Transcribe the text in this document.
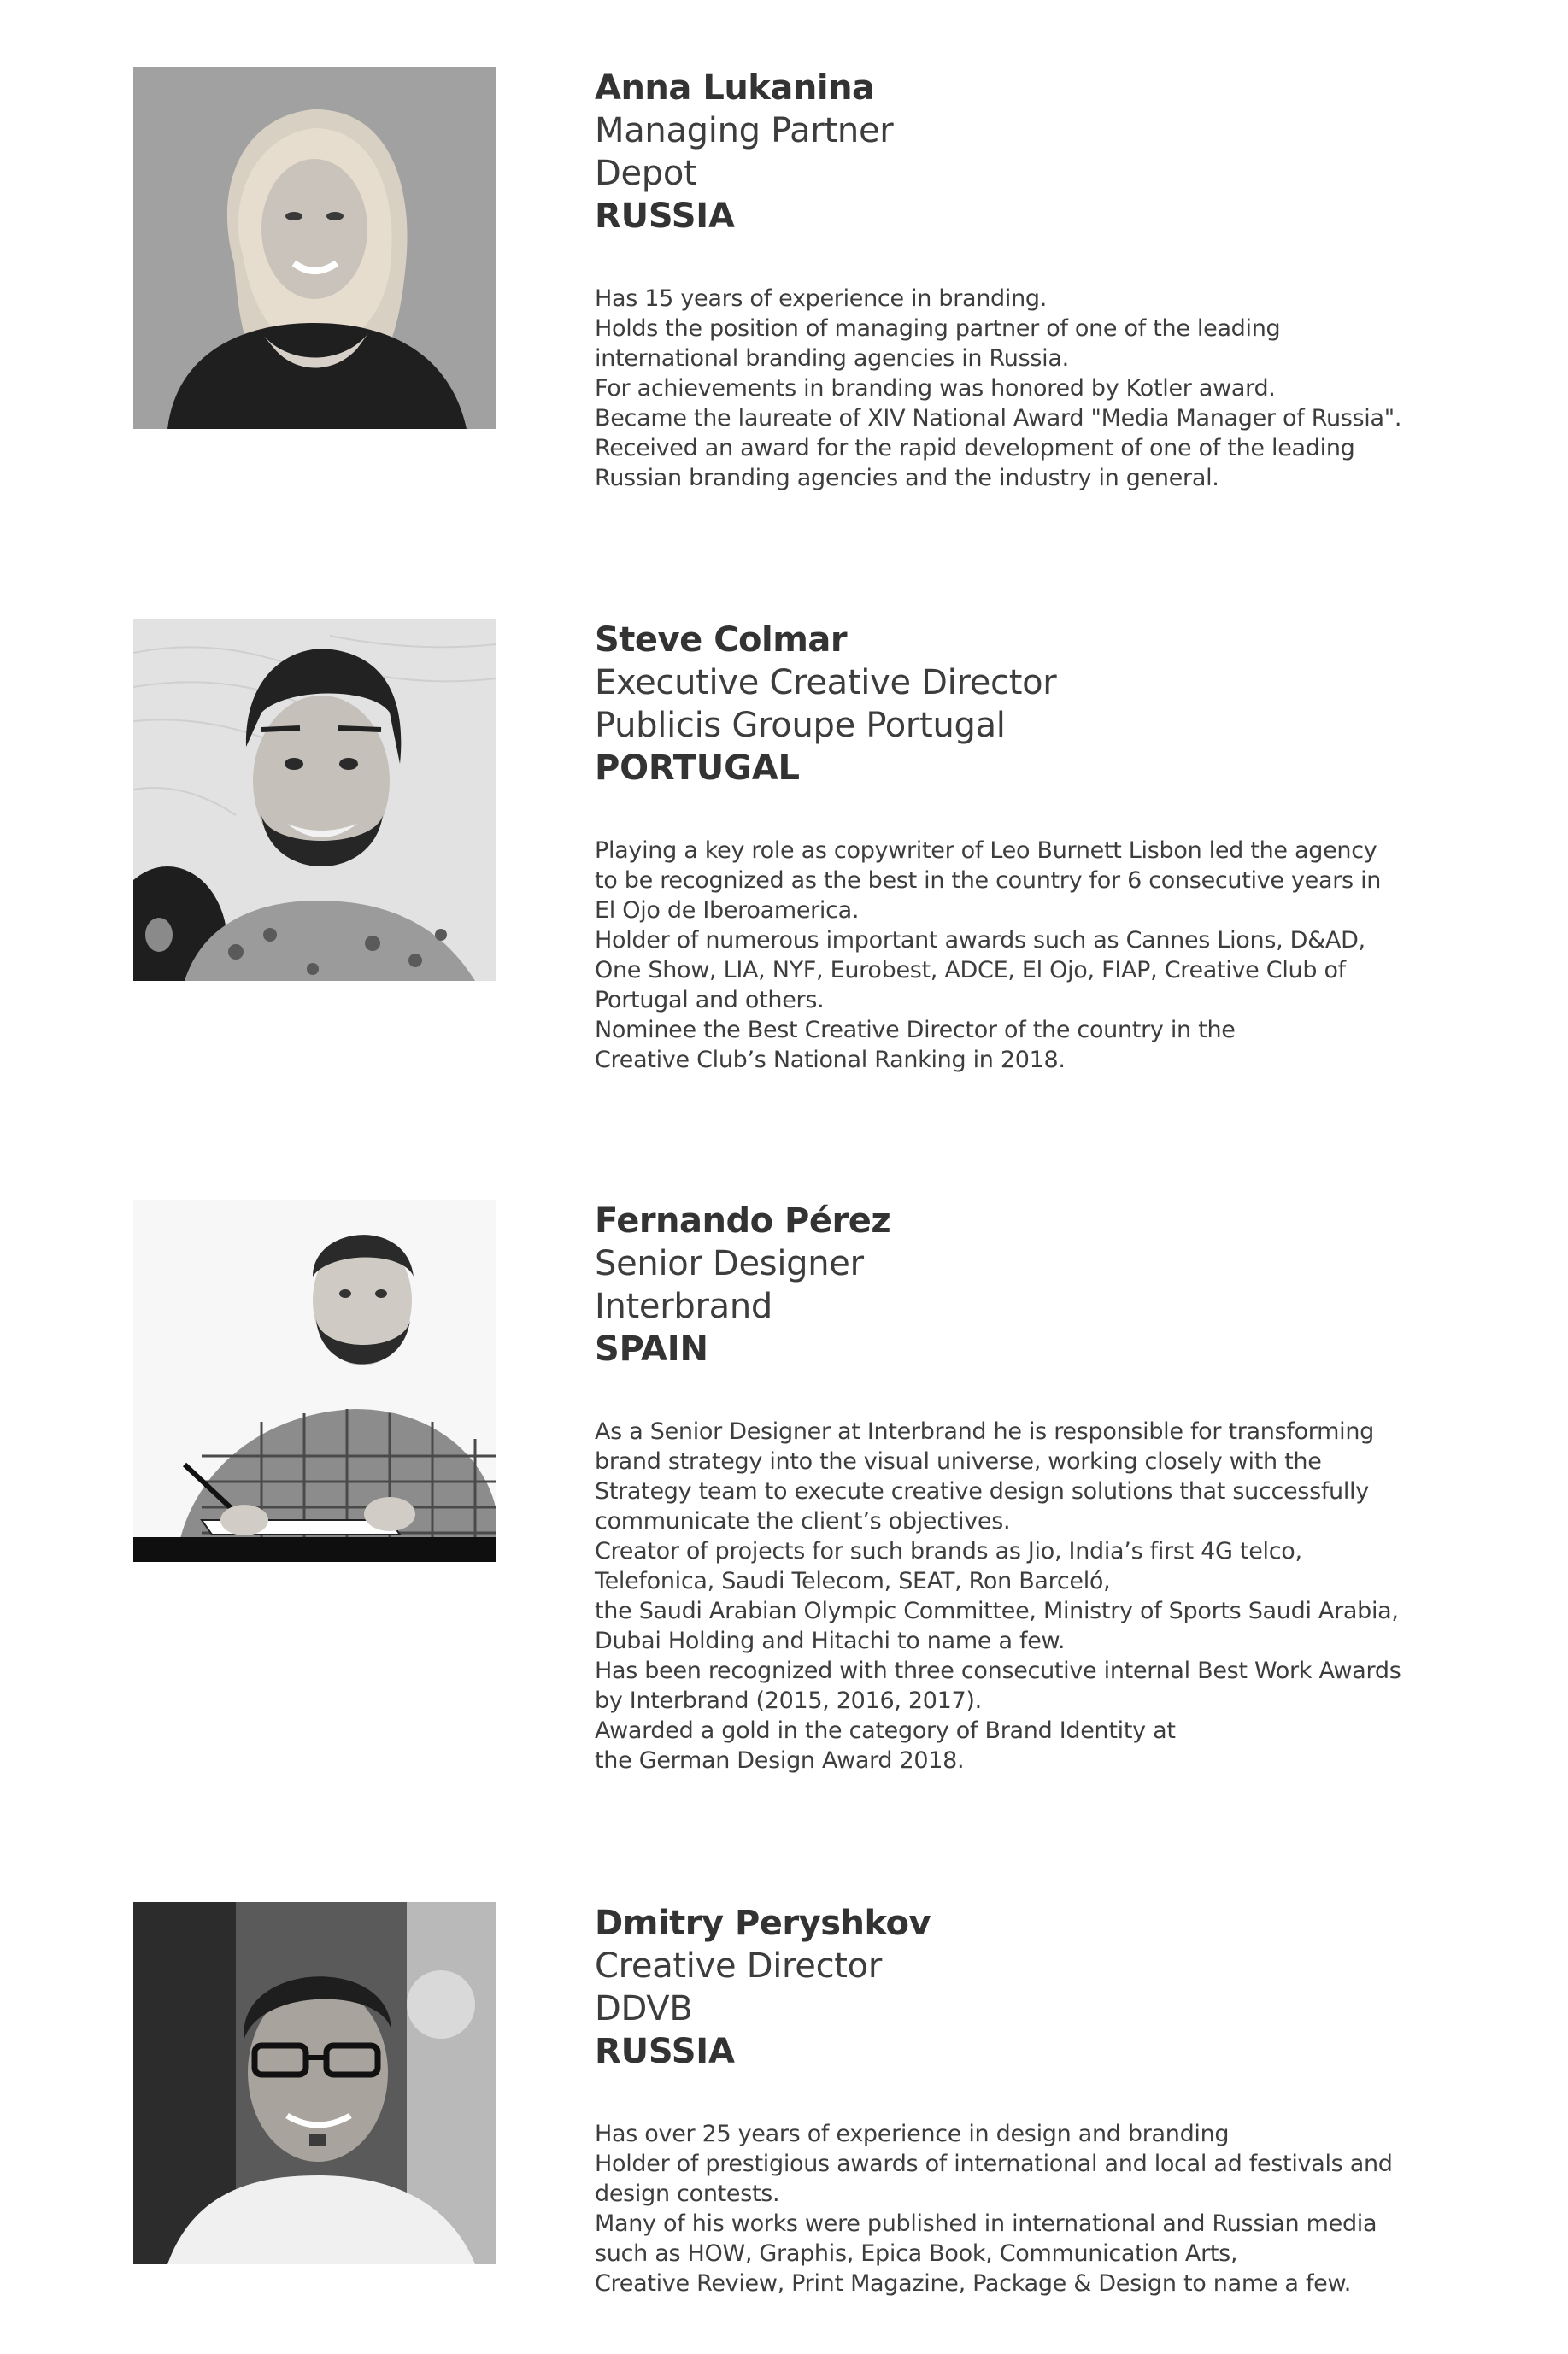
Anna Lukanina
Managing Partner
Depot
RUSSIA
Has 15 years of experience in branding.
Holds the position of managing partner of one of the leading
international branding agencies in Russia.
For achievements in branding was honored by Kotler award.
Became the laureate of XIV National Award "Media Manager of Russia".
Received an award for the rapid development of one of the leading
Russian branding agencies and the industry in general.
Steve Colmar
Executive Creative Director
Publicis Groupe Portugal
PORTUGAL
Playing a key role as copywriter of Leo Burnett Lisbon led the agency
to be recognized as the best in the country for 6 consecutive years in
El Ojo de Iberoamerica.
Holder of numerous important awards such as Cannes Lions, D&AD,
One Show, LIA, NYF, Eurobest, ADCE, El Ojo, FIAP, Creative Club of
Portugal and others.
Nominee the Best Creative Director of the country in the
Creative Club’s National Ranking in 2018.
Fernando Pérez
Senior Designer
Interbrand
SPAIN
As a Senior Designer at Interbrand he is responsible for transforming
brand strategy into the visual universe, working closely with the
Strategy team to execute creative design solutions that successfully
communicate the client’s objectives.
Creator of projects for such brands as Jio, India’s first 4G telco,
Telefonica, Saudi Telecom, SEAT, Ron Barceló,
the Saudi Arabian Olympic Committee, Ministry of Sports Saudi Arabia,
Dubai Holding and Hitachi to name a few.
Has been recognized with three consecutive internal Best Work Awards
by Interbrand (2015, 2016, 2017).
Awarded a gold in the category of Brand Identity at
the German Design Award 2018.
Dmitry Peryshkov
Creative Director
DDVB
RUSSIA
Has over 25 years of experience in design and branding
Holder of prestigious awards of international and local ad festivals and
design contests.
Many of his works were published in international and Russian media
such as HOW, Graphis, Epica Book, Communication Arts,
Creative Review, Print Magazine, Package & Design to name a few.
